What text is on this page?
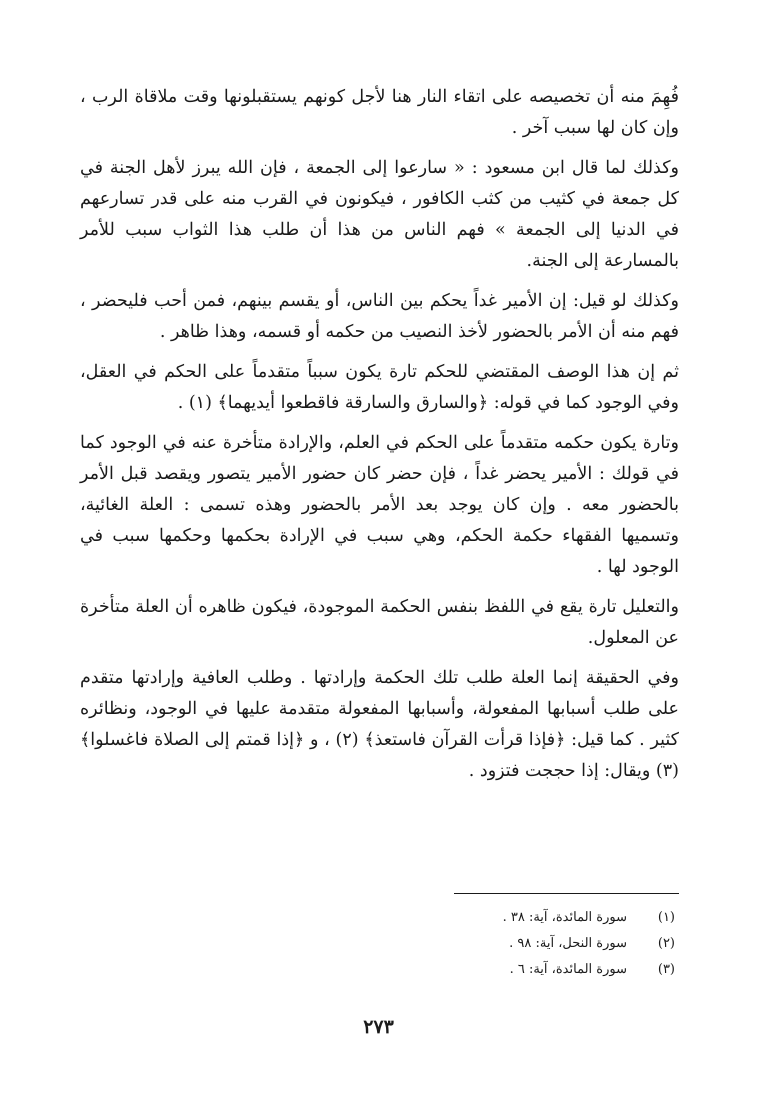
فُهِمَ منه أن تخصيصه على اتقاء النار هنا لأجل كونهم يستقبلونها وقت ملاقاة الرب ، وإن كان لها سبب آخر .

وكذلك لما قال ابن مسعود : « سارعوا إلى الجمعة ، فإن الله يبرز لأهل الجنة في كل جمعة في كثيب من كثب الكافور ، فيكونون في القرب منه على قدر تسارعهم في الدنيا إلى الجمعة » فهم الناس من هذا أن طلب هذا الثواب سبب للأمر بالمسارعة إلى الجنة.

وكذلك لو قيل: إن الأمير غداً يحكم بين الناس، أو يقسم بينهم، فمن أحب فليحضر ، فهم منه أن الأمر بالحضور لأخذ النصيب من حكمه أو قسمه، وهذا ظاهر .

ثم إن هذا الوصف المقتضي للحكم تارة يكون سبباً متقدماً على الحكم في العقل، وفي الوجود كما في قوله: ﴿والسارق والسارقة فاقطعوا أيديهما﴾ (١) .

وتارة يكون حكمه متقدماً على الحكم في العلم، والإرادة متأخرة عنه في الوجود كما في قولك : الأمير يحضر غداً ، فإن حضر كان حضور الأمير يتصور ويقصد قبل الأمر بالحضور معه . وإن كان يوجد بعد الأمر بالحضور وهذه تسمى : العلة الغائية، وتسميها الفقهاء حكمة الحكم، وهي سبب في الإرادة بحكمها وحكمها سبب في الوجود لها .

والتعليل تارة يقع في اللفظ بنفس الحكمة الموجودة، فيكون ظاهره أن العلة متأخرة عن المعلول.

وفي الحقيقة إنما العلة طلب تلك الحكمة وإرادتها . وطلب العافية وإرادتها متقدم على طلب أسبابها المفعولة، وأسبابها المفعولة متقدمة عليها في الوجود، ونظائره كثير . كما قيل: ﴿فإذا قرأت القرآن فاستعذ﴾ (٢) ، و ﴿إذا قمتم إلى الصلاة فاغسلوا﴾ (٣) ويقال: إذا حججت فتزود .

(١)سورة المائدة، آية: ٣٨ .

(٢)سورة النحل، آية: ٩٨ .

(٣)سورة المائدة، آية: ٦ .

٢٧٣
